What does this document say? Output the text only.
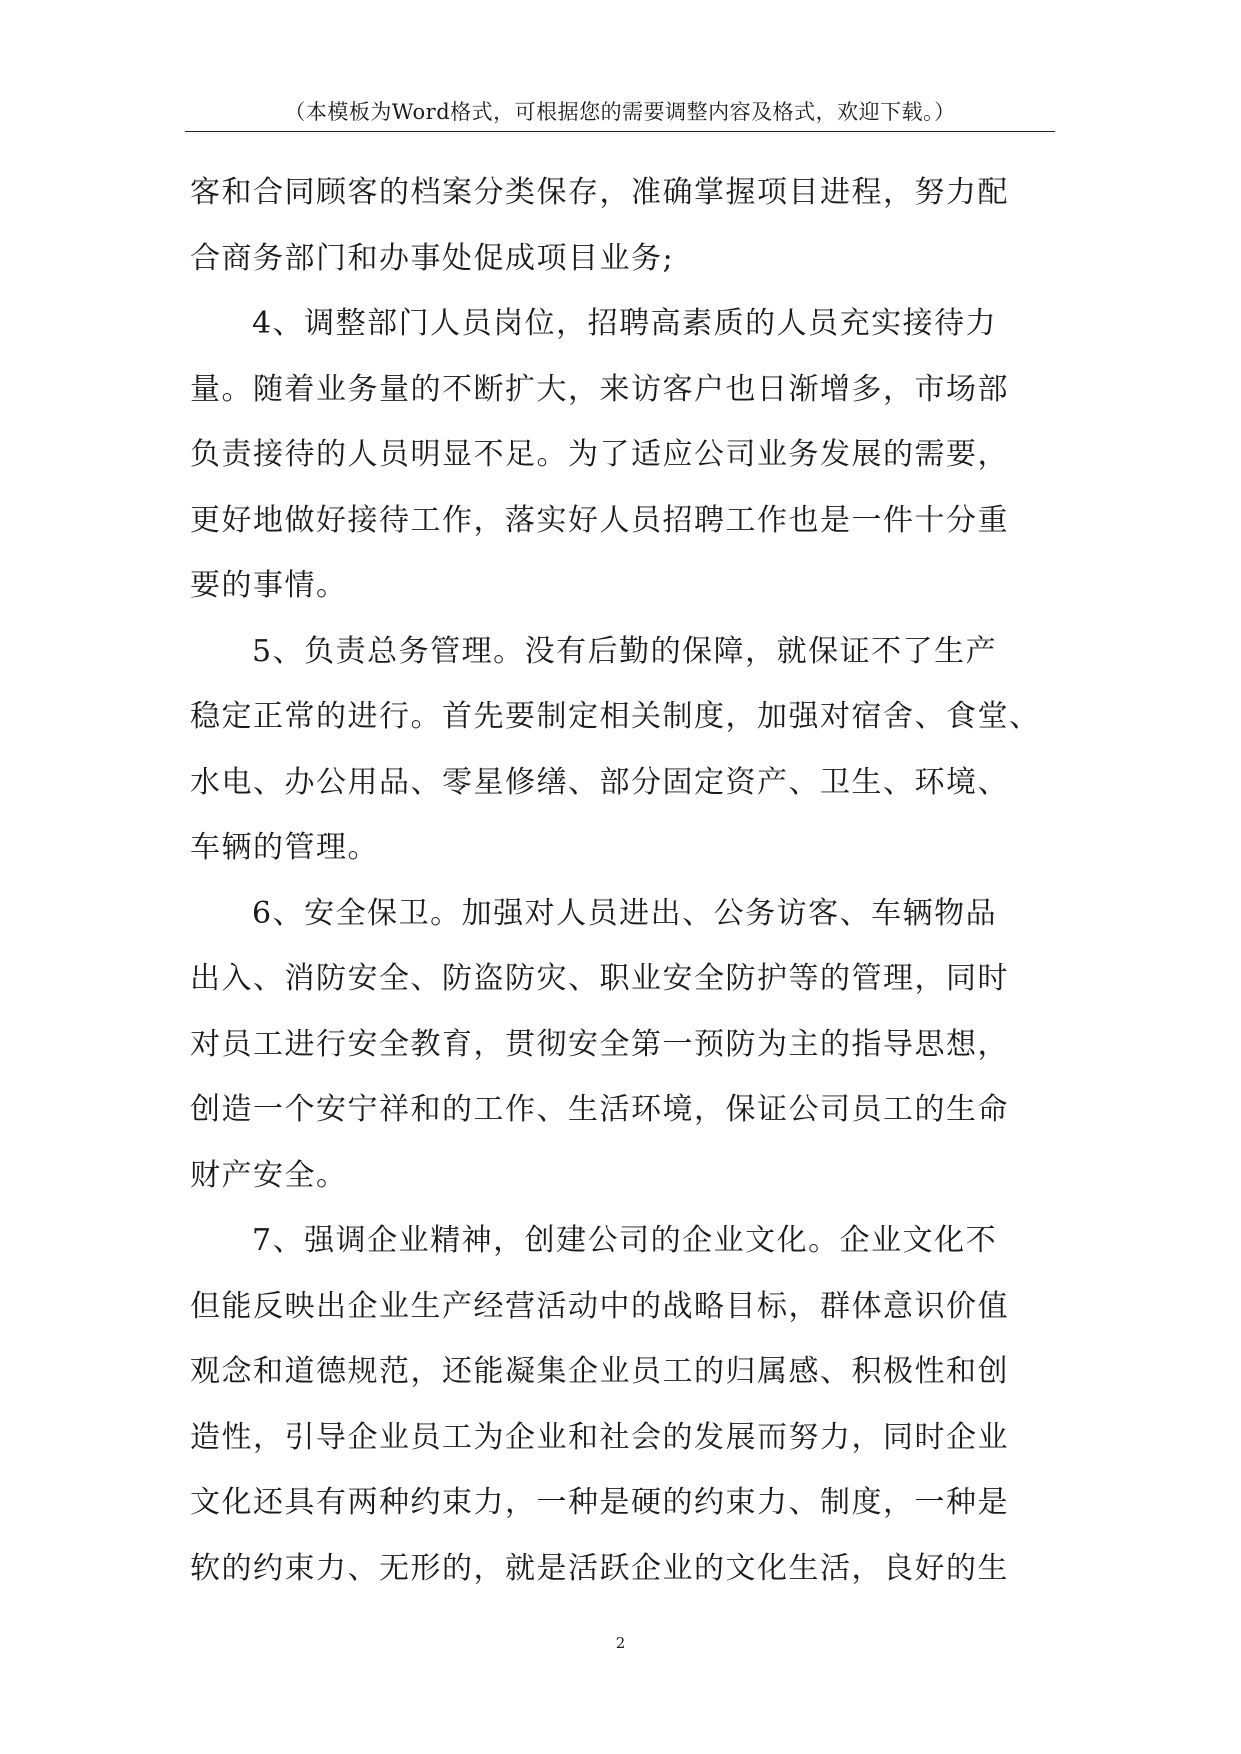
（本模板为Word格式，可根据您的需要调整内容及格式，欢迎下载。）
客和合同顾客的档案分类保存，准确掌握项目进程，努力配
合商务部门和办事处促成项目业务;
4、调整部门人员岗位，招聘高素质的人员充实接待力
量。随着业务量的不断扩大，来访客户也日渐增多，市场部
负责接待的人员明显不足。为了适应公司业务发展的需要，
更好地做好接待工作，落实好人员招聘工作也是一件十分重
要的事情。
5、负责总务管理。没有后勤的保障，就保证不了生产
稳定正常的进行。首先要制定相关制度，加强对宿舍、食堂、
水电、办公用品、零星修缮、部分固定资产、卫生、环境、
车辆的管理。
6、安全保卫。加强对人员进出、公务访客、车辆物品
出入、消防安全、防盗防灾、职业安全防护等的管理，同时
对员工进行安全教育，贯彻安全第一预防为主的指导思想，
创造一个安宁祥和的工作、生活环境，保证公司员工的生命
财产安全。
7、强调企业精神，创建公司的企业文化。企业文化不
但能反映出企业生产经营活动中的战略目标，群体意识价值
观念和道德规范，还能凝集企业员工的归属感、积极性和创
造性，引导企业员工为企业和社会的发展而努力，同时企业
文化还具有两种约束力，一种是硬的约束力、制度，一种是
软的约束力、无形的，就是活跃企业的文化生活，良好的生
2
